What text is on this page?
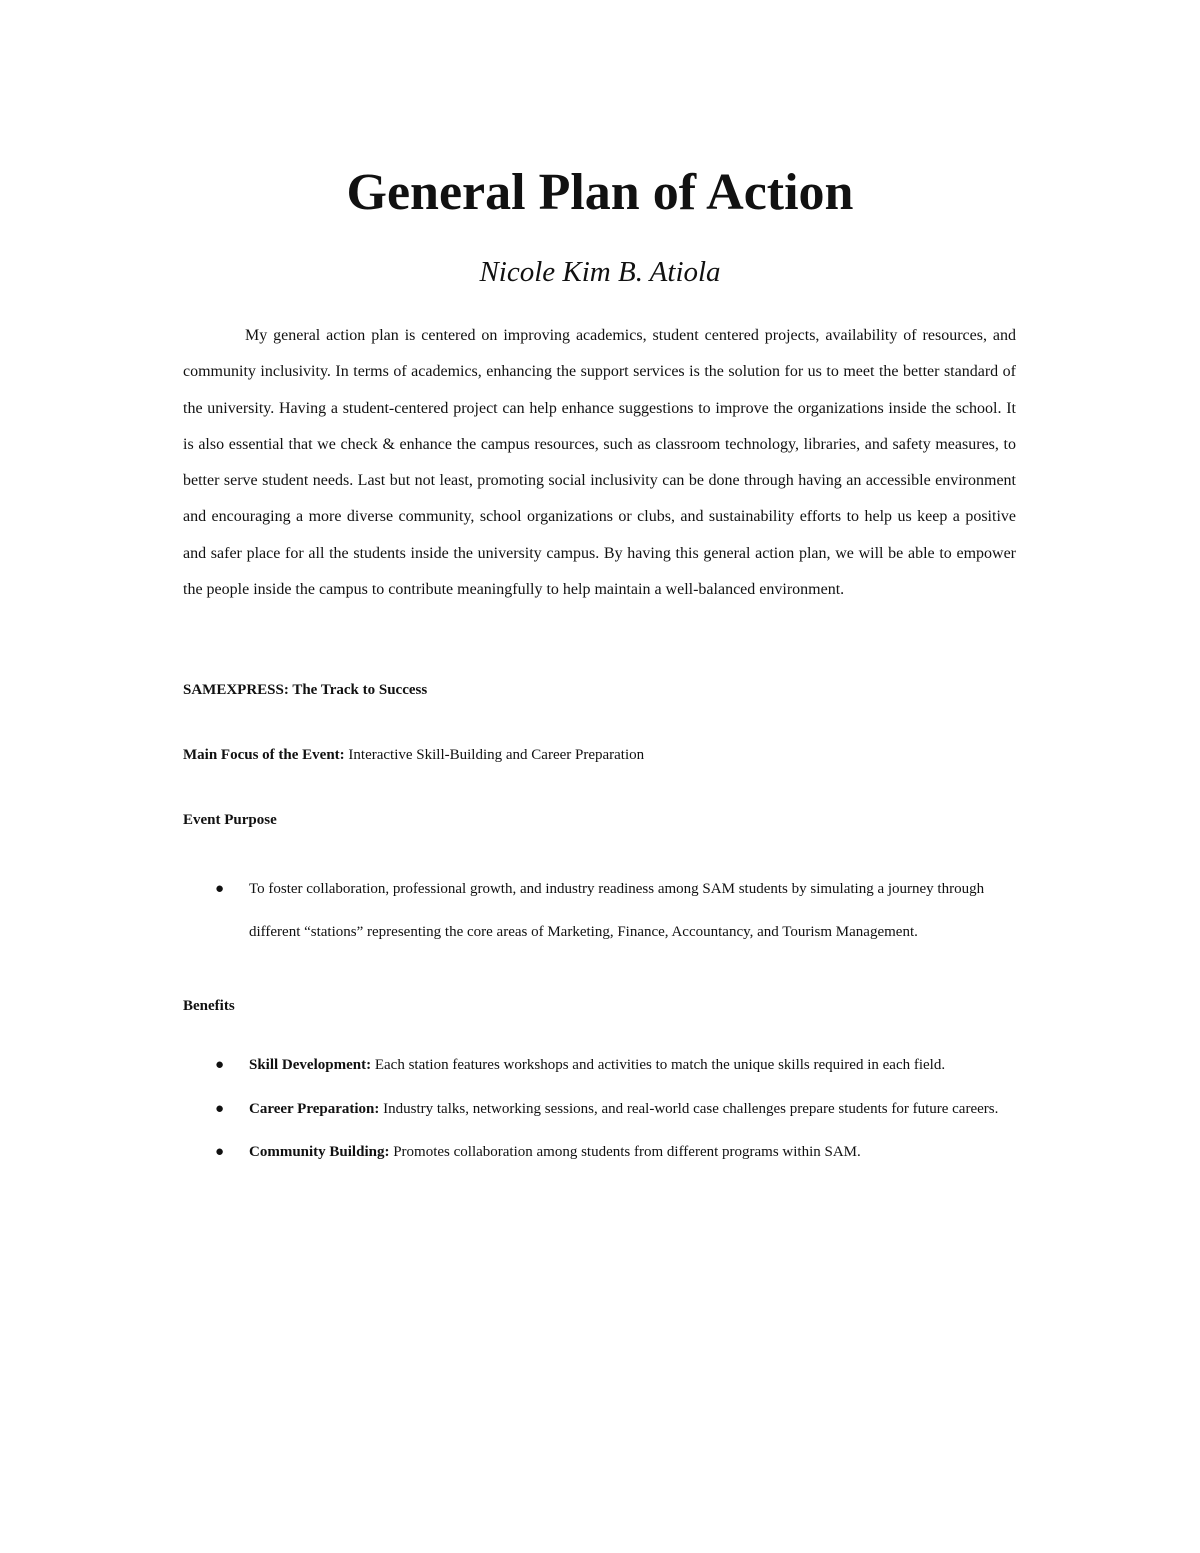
General Plan of Action

Nicole Kim B. Atiola

My general action plan is centered on improving academics, student centered projects, availability of resources, and community inclusivity. In terms of academics, enhancing the support services is the solution for us to meet the better standard of the university. Having a student-centered project can help enhance suggestions to improve the organizations inside the school. It is also essential that we check & enhance the campus resources, such as classroom technology, libraries, and safety measures, to better serve student needs. Last but not least, promoting social inclusivity can be done through having an accessible environment and encouraging a more diverse community, school organizations or clubs, and sustainability efforts to help us keep a positive and safer place for all the students inside the university campus. By having this general action plan, we will be able to empower the people inside the campus to contribute meaningfully to help maintain a well-balanced environment.

SAMEXPRESS: The Track to Success

Main Focus of the Event: Interactive Skill-Building and Career Preparation

Event Purpose

● To foster collaboration, professional growth, and industry readiness among SAM students by simulating a journey through different “stations” representing the core areas of Marketing, Finance, Accountancy, and Tourism Management.

Benefits

● Skill Development: Each station features workshops and activities to match the unique skills required in each field.
● Career Preparation: Industry talks, networking sessions, and real-world case challenges prepare students for future careers.
● Community Building: Promotes collaboration among students from different programs within SAM.
